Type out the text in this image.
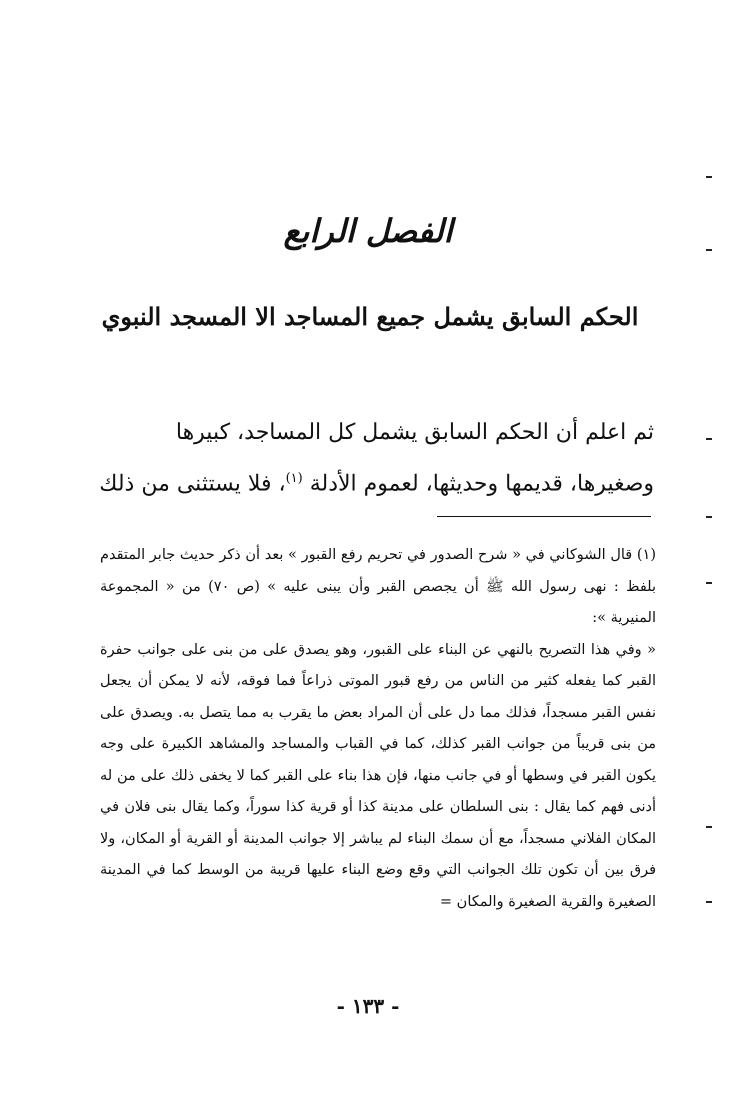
الفصل الرابع
الحكم السابق يشمل جميع المساجد الا المسجد النبوي

ثم اعلم أن الحكم السابق يشمل كل المساجد، كبيرها

وصغيرها، قديمها وحديثها، لعموم الأدلة $^{(١)}$، فلا يستثنى من ذلك

(١) قال الشوكاني في « شرح الصدور في تحريم رفع القبور » بعد أن ذكر حديث جابر المتقدم بلفظ : نهى رسول الله ﷺ أن يجصص القبر وأن يبنى عليه » (ص ٧٠) من « المجموعة المنيرية »:

« وفي هذا التصريح بالنهي عن البناء على القبور، وهو يصدق على من بنى على جوانب حفرة القبر كما يفعله كثير من الناس من رفع قبور الموتى ذراعاً فما فوقه، لأنه لا يمكن أن يجعل نفس القبر مسجداً، فذلك مما دل على أن المراد بعض ما يقرب به مما يتصل به. ويصدق على من بنى قريباً من جوانب القبر كذلك، كما في القباب والمساجد والمشاهد الكبيرة على وجه يكون القبر في وسطها أو في جانب منها، فإن هذا بناء على القبر كما لا يخفى ذلك على من له أدنى فهم كما يقال : بنى السلطان على مدينة كذا أو قرية كذا سوراً، وكما يقال بنى فلان في المكان الفلاني مسجداً، مع أن سمك البناء لم يباشر إلا جوانب المدينة أو القرية أو المكان، ولا فرق بين أن تكون تلك الجوانب التي وقع وضع البناء عليها قريبة من الوسط كما في المدينة الصغيرة والقرية الصغيرة والمكان =

- ١٣٣ -
